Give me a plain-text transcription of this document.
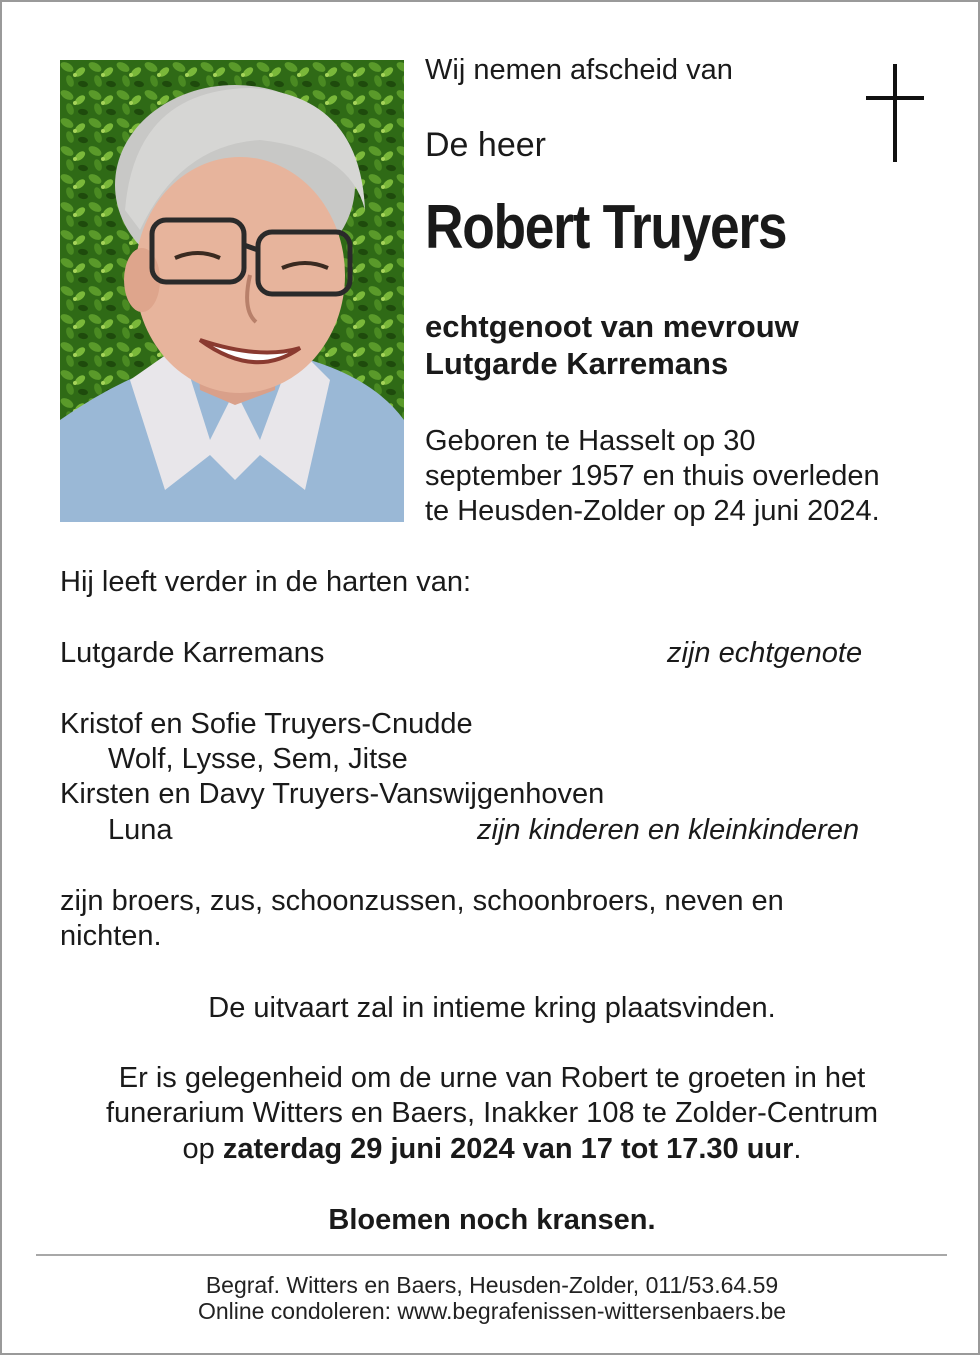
Wij nemen afscheid van
De heer
Robert Truyers
echtgenoot van mevrouw
Lutgarde Karremans
Geboren te Hasselt op 30
september 1957 en thuis overleden
te Heusden-Zolder op 24 juni 2024.
Hij leeft verder in de harten van:
Lutgarde Karremans	zijn echtgenote
Kristof en Sofie Truyers-Cnudde
Wolf, Lysse, Sem, Jitse
Kirsten en Davy Truyers-Vanswijgenhoven
Luna	zijn kinderen en kleinkinderen
zijn broers, zus, schoonzussen, schoonbroers, neven en
nichten.
De uitvaart zal in intieme kring plaatsvinden.
Er is gelegenheid om de urne van Robert te groeten in het
funerarium Witters en Baers, Inakker 108 te Zolder-Centrum
op zaterdag 29 juni 2024 van 17 tot 17.30 uur.
Bloemen noch kransen.
Begraf. Witters en Baers, Heusden-Zolder, 011/53.64.59
Online condoleren: www.begrafenissen-wittersenbaers.be
